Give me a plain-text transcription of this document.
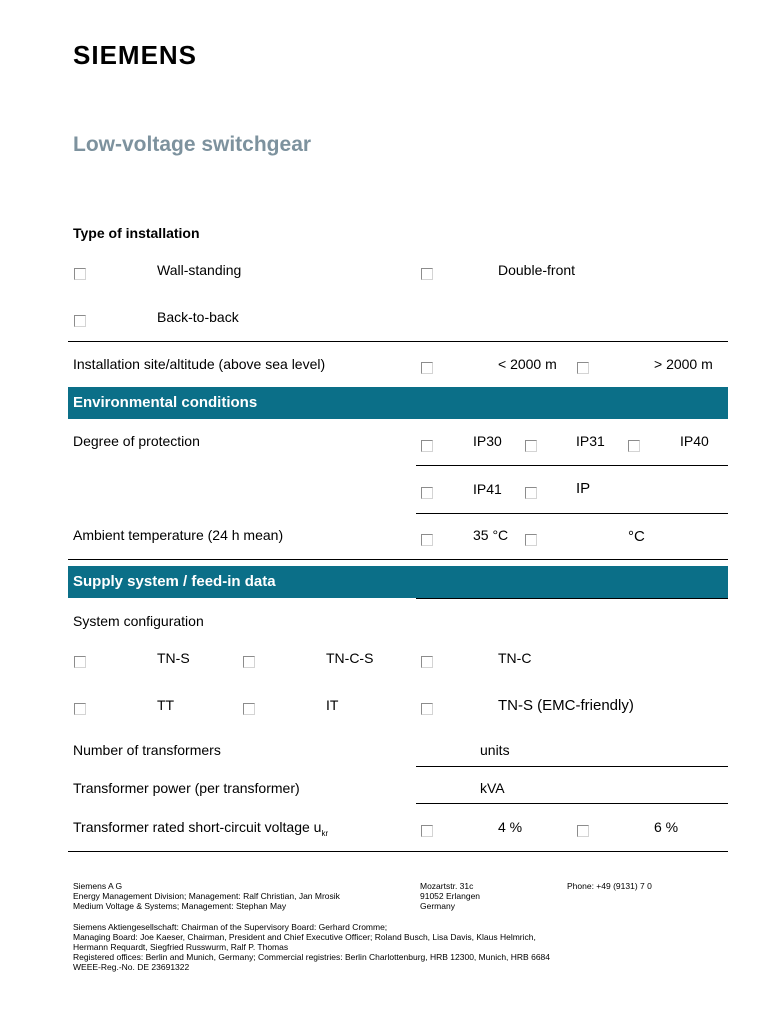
SIEMENS
Low-voltage switchgear
Type of installation
Wall-standing	Double-front
Back-to-back
Installation site/altitude (above sea level)	< 2000 m	> 2000 m
Environmental conditions
Degree of protection	IP30	IP31	IP40
IP41	IP
Ambient temperature (24 h mean)	35 °C	°C
Supply system / feed-in data
System configuration
TN-S	TN-C-S	TN-C
TT	IT	TN-S (EMC-friendly)
Number of transformers	units
Transformer power (per transformer)	kVA
Transformer rated short-circuit voltage $u_{kr}$	4 %	6 %
Siemens A G
Energy Management Division; Management: Ralf Christian, Jan Mrosik
Medium Voltage & Systems; Management: Stephan May
Mozartstr. 31c
91052 Erlangen
Germany
Phone: +49 (9131) 7 0
Siemens Aktiengesellschaft: Chairman of the Supervisory Board: Gerhard Cromme;
Managing Board: Joe Kaeser, Chairman, President and Chief Executive Officer; Roland Busch, Lisa Davis, Klaus Helmrich,
Hermann Requardt, Siegfried Russwurm, Ralf P. Thomas
Registered offices: Berlin and Munich, Germany; Commercial registries: Berlin Charlottenburg, HRB 12300, Munich, HRB 6684
WEEE-Reg.-No. DE 23691322
